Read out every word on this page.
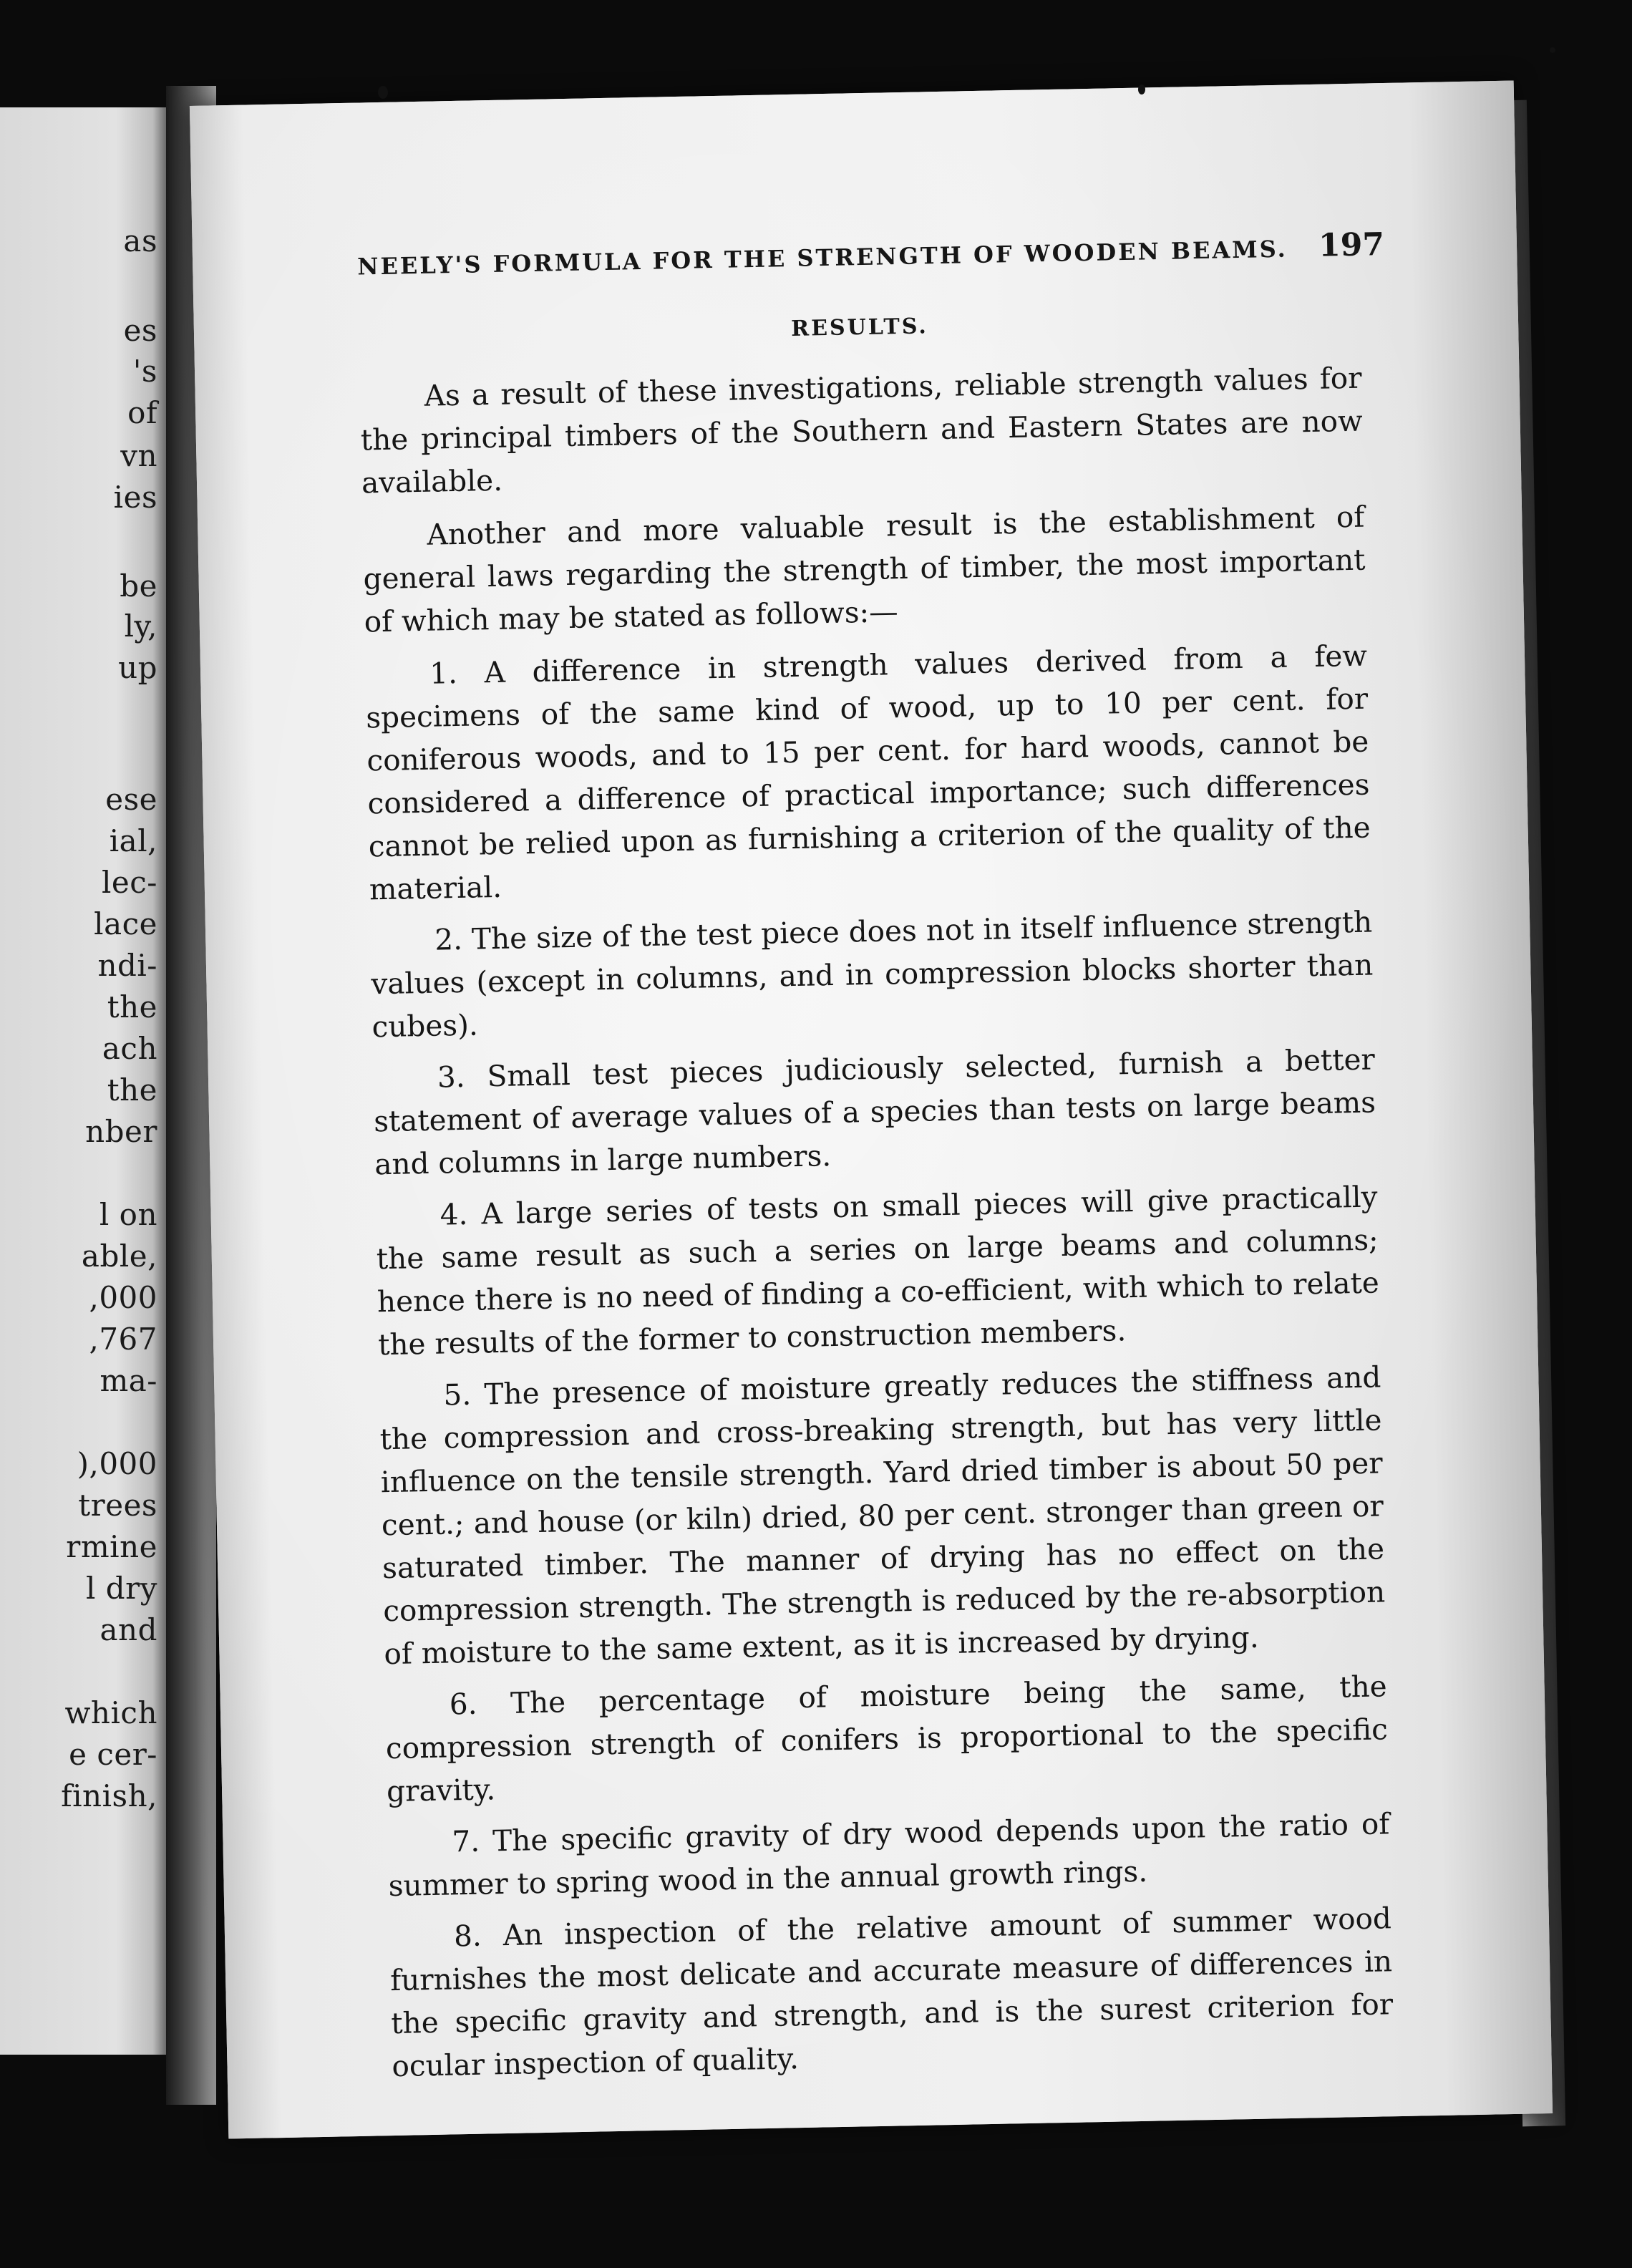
as
es
's
of
vn
ies
be
ly,
up
ese
ial,
lec-
lace
ndi-
the
ach
the
nber
l on
able,
,000
,767
ma-
),000
trees
rmine
l dry
and
which
e cer-
finish,
NEELY'S FORMULA FOR THE STRENGTH OF WOODEN BEAMS. 197
RESULTS.

As a result of these investigations, reliable strength values for the principal timbers of the Southern and Eastern States are now available.

Another and more valuable result is the establishment of general laws regarding the strength of timber, the most important of which may be stated as follows:—

1. A difference in strength values derived from a few specimens of the same kind of wood, up to 10 per cent. for coniferous woods, and to 15 per cent. for hard woods, cannot be considered a difference of practical importance; such differences cannot be relied upon as furnishing a criterion of the quality of the material.

2. The size of the test piece does not in itself influence strength values (except in columns, and in compression blocks shorter than cubes).

3. Small test pieces judiciously selected, furnish a better statement of average values of a species than tests on large beams and columns in large numbers.

4. A large series of tests on small pieces will give practically the same result as such a series on large beams and columns; hence there is no need of finding a co-efficient, with which to relate the results of the former to construction members.

5. The presence of moisture greatly reduces the stiffness and the compression and cross-breaking strength, but has very little influence on the tensile strength. Yard dried timber is about 50 per cent.; and house (or kiln) dried, 80 per cent. stronger than green or saturated timber. The manner of drying has no effect on the compression strength. The strength is reduced by the re-absorption of moisture to the same extent, as it is increased by drying.

6. The percentage of moisture being the same, the compression strength of conifers is proportional to the specific gravity.

7. The specific gravity of dry wood depends upon the ratio of summer to spring wood in the annual growth rings.

8. An inspection of the relative amount of summer wood furnishes the most delicate and accurate measure of differences in the specific gravity and strength, and is the surest criterion for ocular inspection of quality.
